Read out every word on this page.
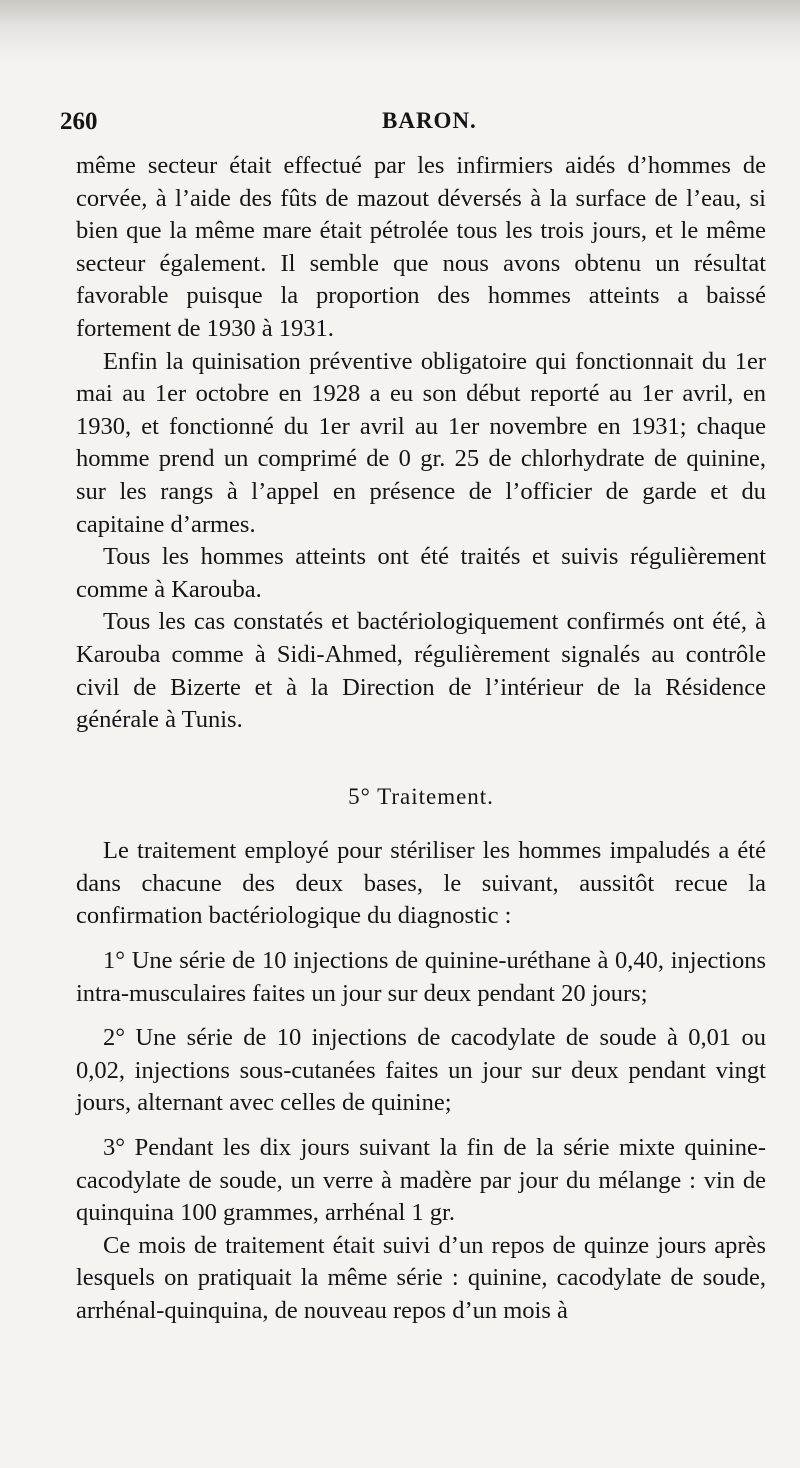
260	BARON.

même secteur était effectué par les infirmiers aidés d’hommes de corvée, à l’aide des fûts de mazout déversés à la surface de l’eau, si bien que la même mare était pétrolée tous les trois jours, et le même secteur également. Il semble que nous avons obtenu un résultat favorable puisque la proportion des hommes atteints a baissé fortement de 1930 à 1931.

Enfin la quinisation préventive obligatoire qui fonctionnait du 1er mai au 1er octobre en 1928 a eu son début reporté au 1er avril, en 1930, et fonctionné du 1er avril au 1er novembre en 1931; chaque homme prend un comprimé de 0 gr. 25 de chlorhydrate de quinine, sur les rangs à l’appel en présence de l’officier de garde et du capitaine d’armes.

Tous les hommes atteints ont été traités et suivis régulièrement comme à Karouba.

Tous les cas constatés et bactériologiquement confirmés ont été, à Karouba comme à Sidi-Ahmed, régulièrement signalés au contrôle civil de Bizerte et à la Direction de l’intérieur de la Résidence générale à Tunis.

5° Traitement.

Le traitement employé pour stériliser les hommes impaludés a été dans chacune des deux bases, le suivant, aussitôt recue la confirmation bactériologique du diagnostic :

1° Une série de 10 injections de quinine-uréthane à 0,40, injections intra-musculaires faites un jour sur deux pendant 20 jours;

2° Une série de 10 injections de cacodylate de soude à 0,01 ou 0,02, injections sous-cutanées faites un jour sur deux pendant vingt jours, alternant avec celles de quinine;

3° Pendant les dix jours suivant la fin de la série mixte quinine-cacodylate de soude, un verre à madère par jour du mélange : vin de quinquina 100 grammes, arrhénal 1 gr.

Ce mois de traitement était suivi d’un repos de quinze jours après lesquels on pratiquait la même série : quinine, cacodylate de soude, arrhénal-quinquina, de nouveau repos d’un mois à
